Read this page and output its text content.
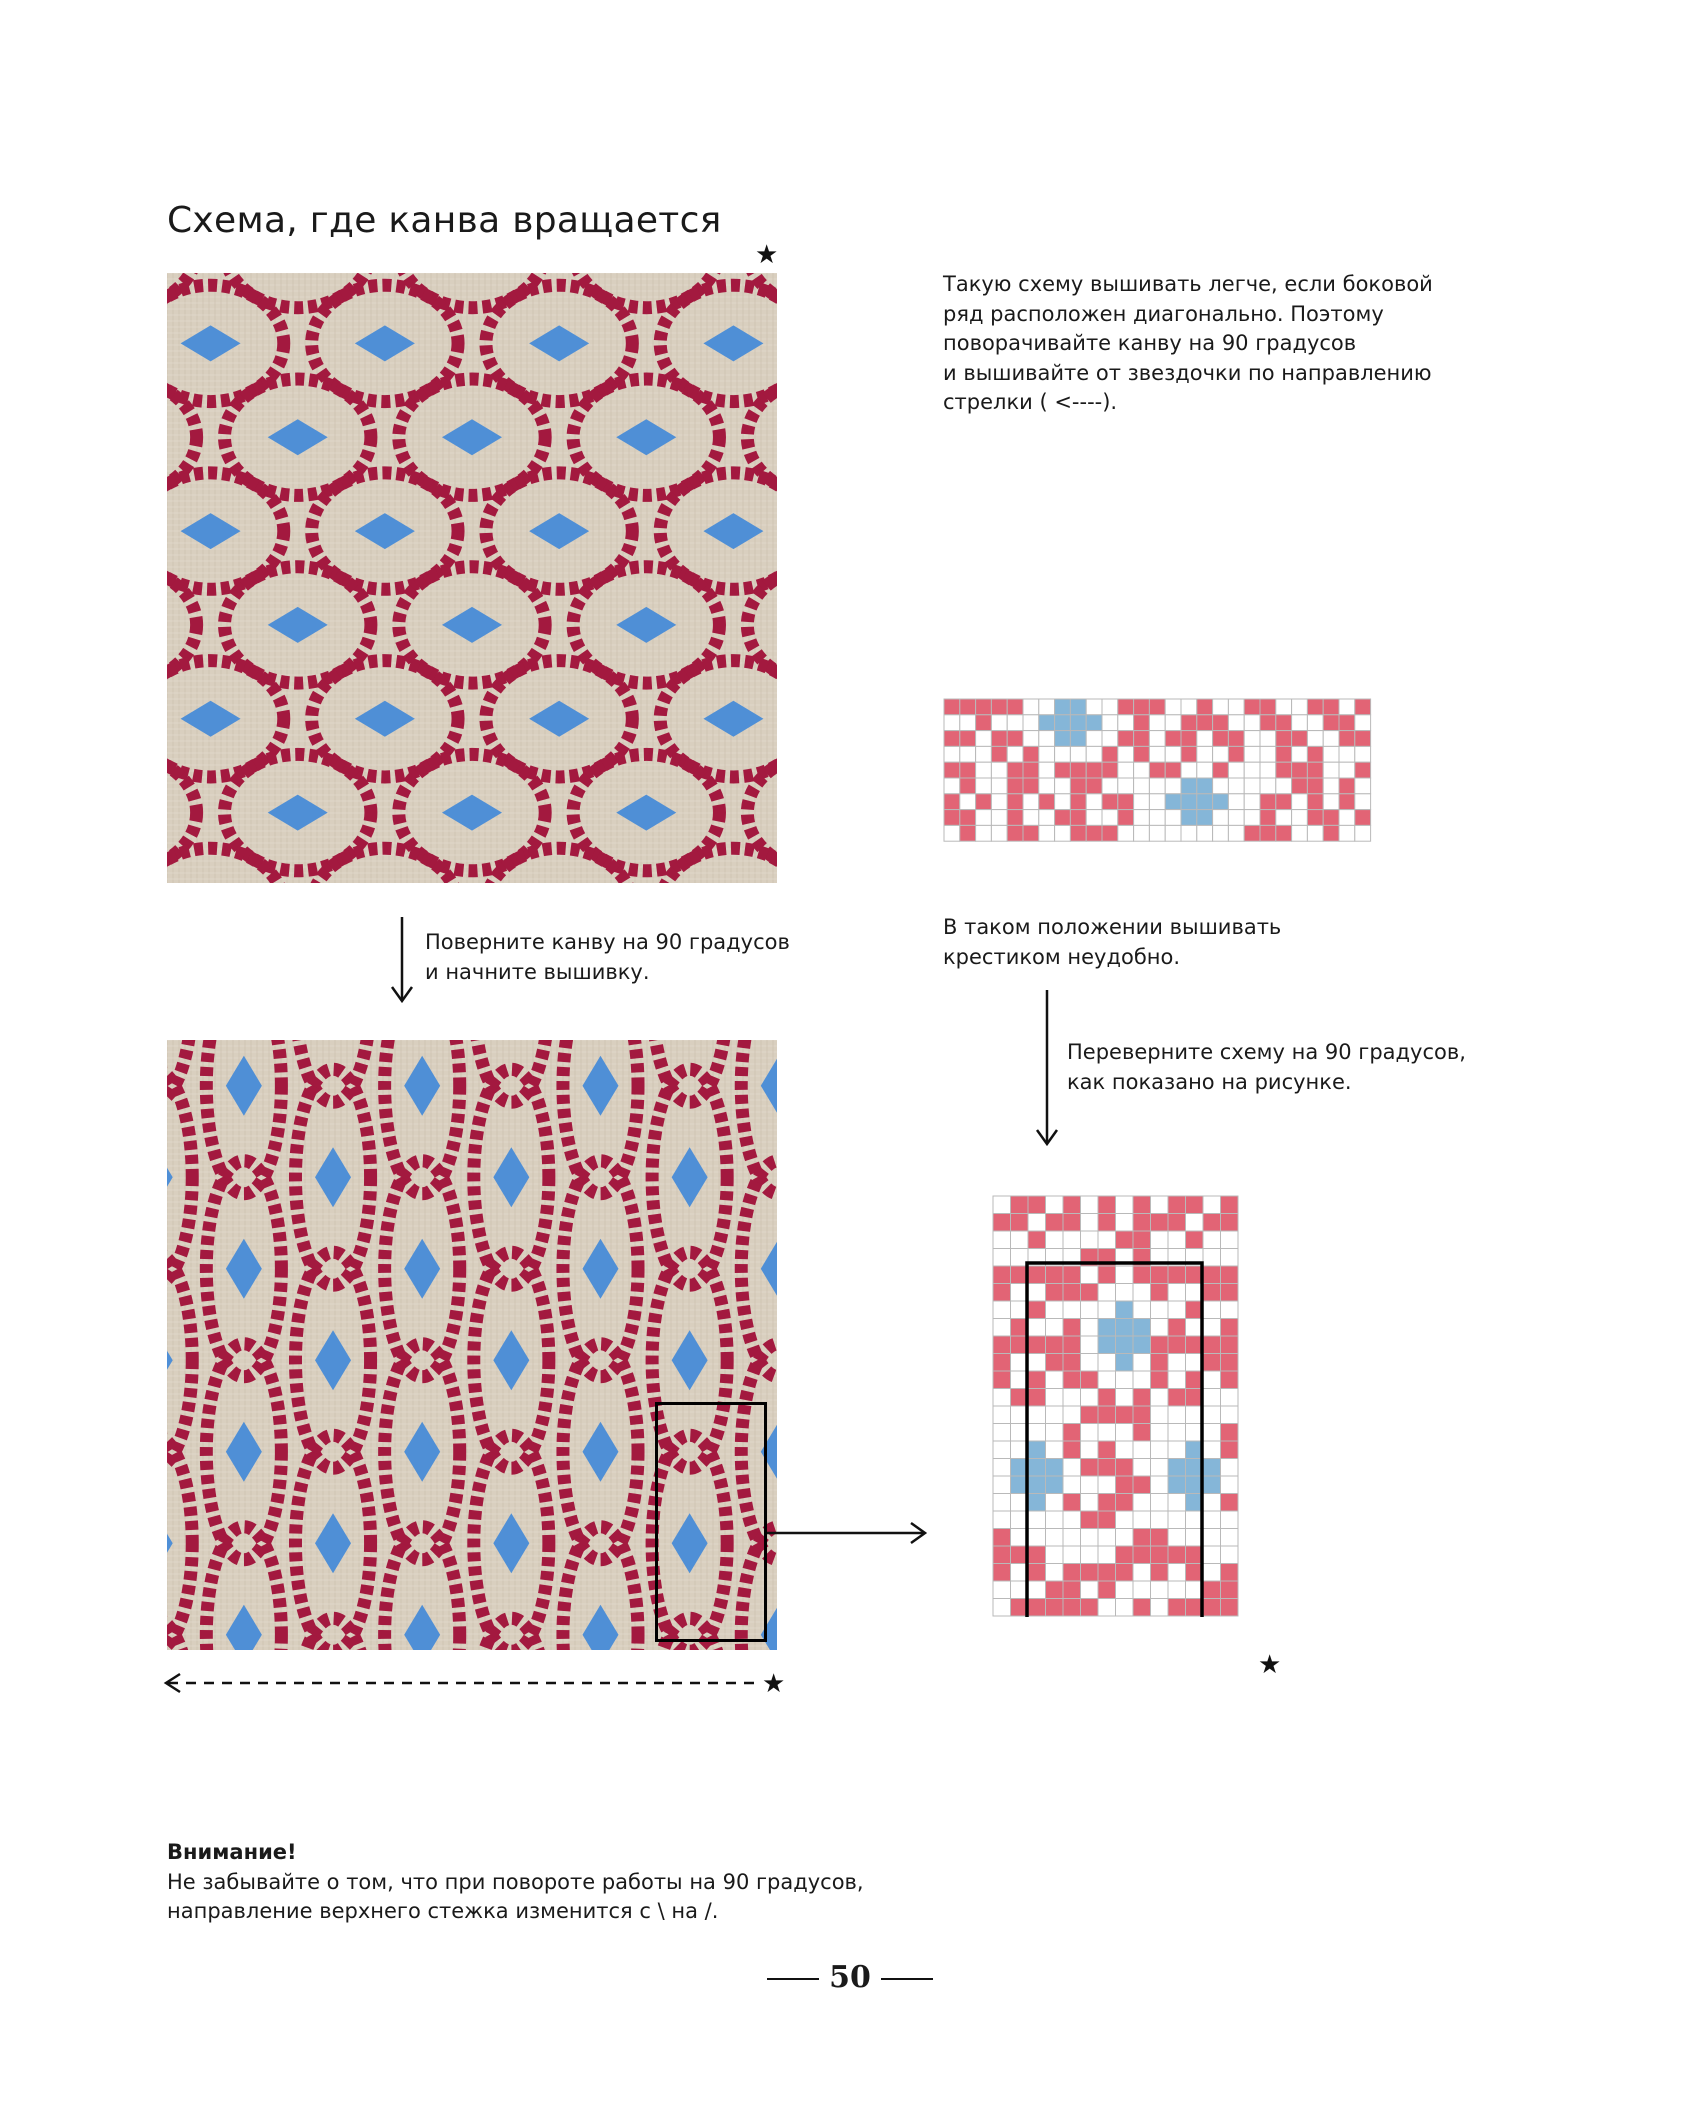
Схема, где канва вращается
★
Такую схему вышивать легче, если боковой
ряд расположен диагонально. Поэтому
поворачивайте канву на 90 градусов
и вышивайте от звездочки по направлению
стрелки ( <----).
В таком положении вышивать
крестиком неудобно.
Поверните канву на 90 градусов
и начните вышивку.
Переверните схему на 90 градусов,
как показано на рисунке.
★
★
Внимание!
Не забывайте о том, что при повороте работы на 90 градусов,
направление верхнего стежка изменится с \ на /.
50
